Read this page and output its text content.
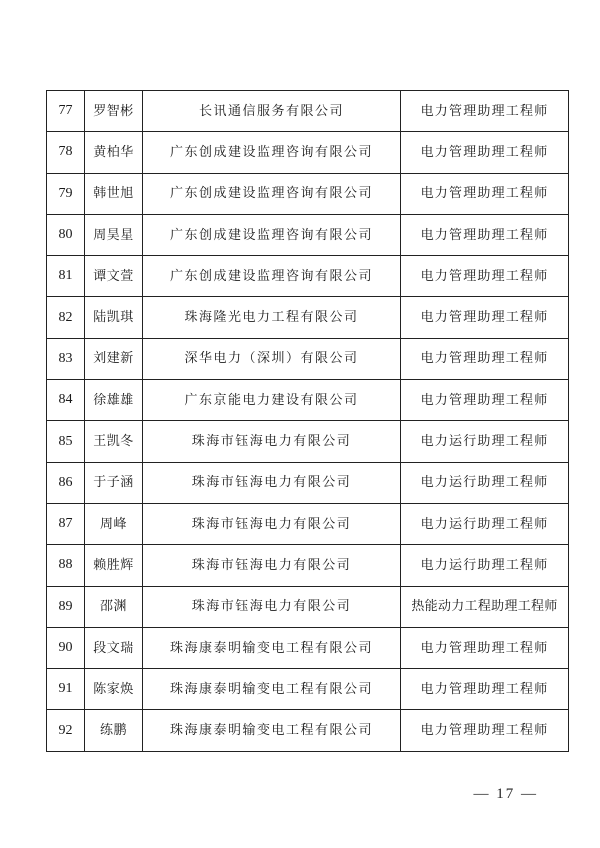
77	罗智彬	长讯通信服务有限公司	电力管理助理工程师
78	黄柏华	广东创成建设监理咨询有限公司	电力管理助理工程师
79	韩世旭	广东创成建设监理咨询有限公司	电力管理助理工程师
80	周昊星	广东创成建设监理咨询有限公司	电力管理助理工程师
81	谭文萱	广东创成建设监理咨询有限公司	电力管理助理工程师
82	陆凯琪	珠海隆光电力工程有限公司	电力管理助理工程师
83	刘建新	深华电力（深圳）有限公司	电力管理助理工程师
84	徐雄雄	广东京能电力建设有限公司	电力管理助理工程师
85	王凯冬	珠海市钰海电力有限公司	电力运行助理工程师
86	于子涵	珠海市钰海电力有限公司	电力运行助理工程师
87	周峰	珠海市钰海电力有限公司	电力运行助理工程师
88	赖胜辉	珠海市钰海电力有限公司	电力运行助理工程师
89	邵渊	珠海市钰海电力有限公司	热能动力工程助理工程师
90	段文瑞	珠海康泰明输变电工程有限公司	电力管理助理工程师
91	陈家焕	珠海康泰明输变电工程有限公司	电力管理助理工程师
92	练鹏	珠海康泰明输变电工程有限公司	电力管理助理工程师
— 17 —
